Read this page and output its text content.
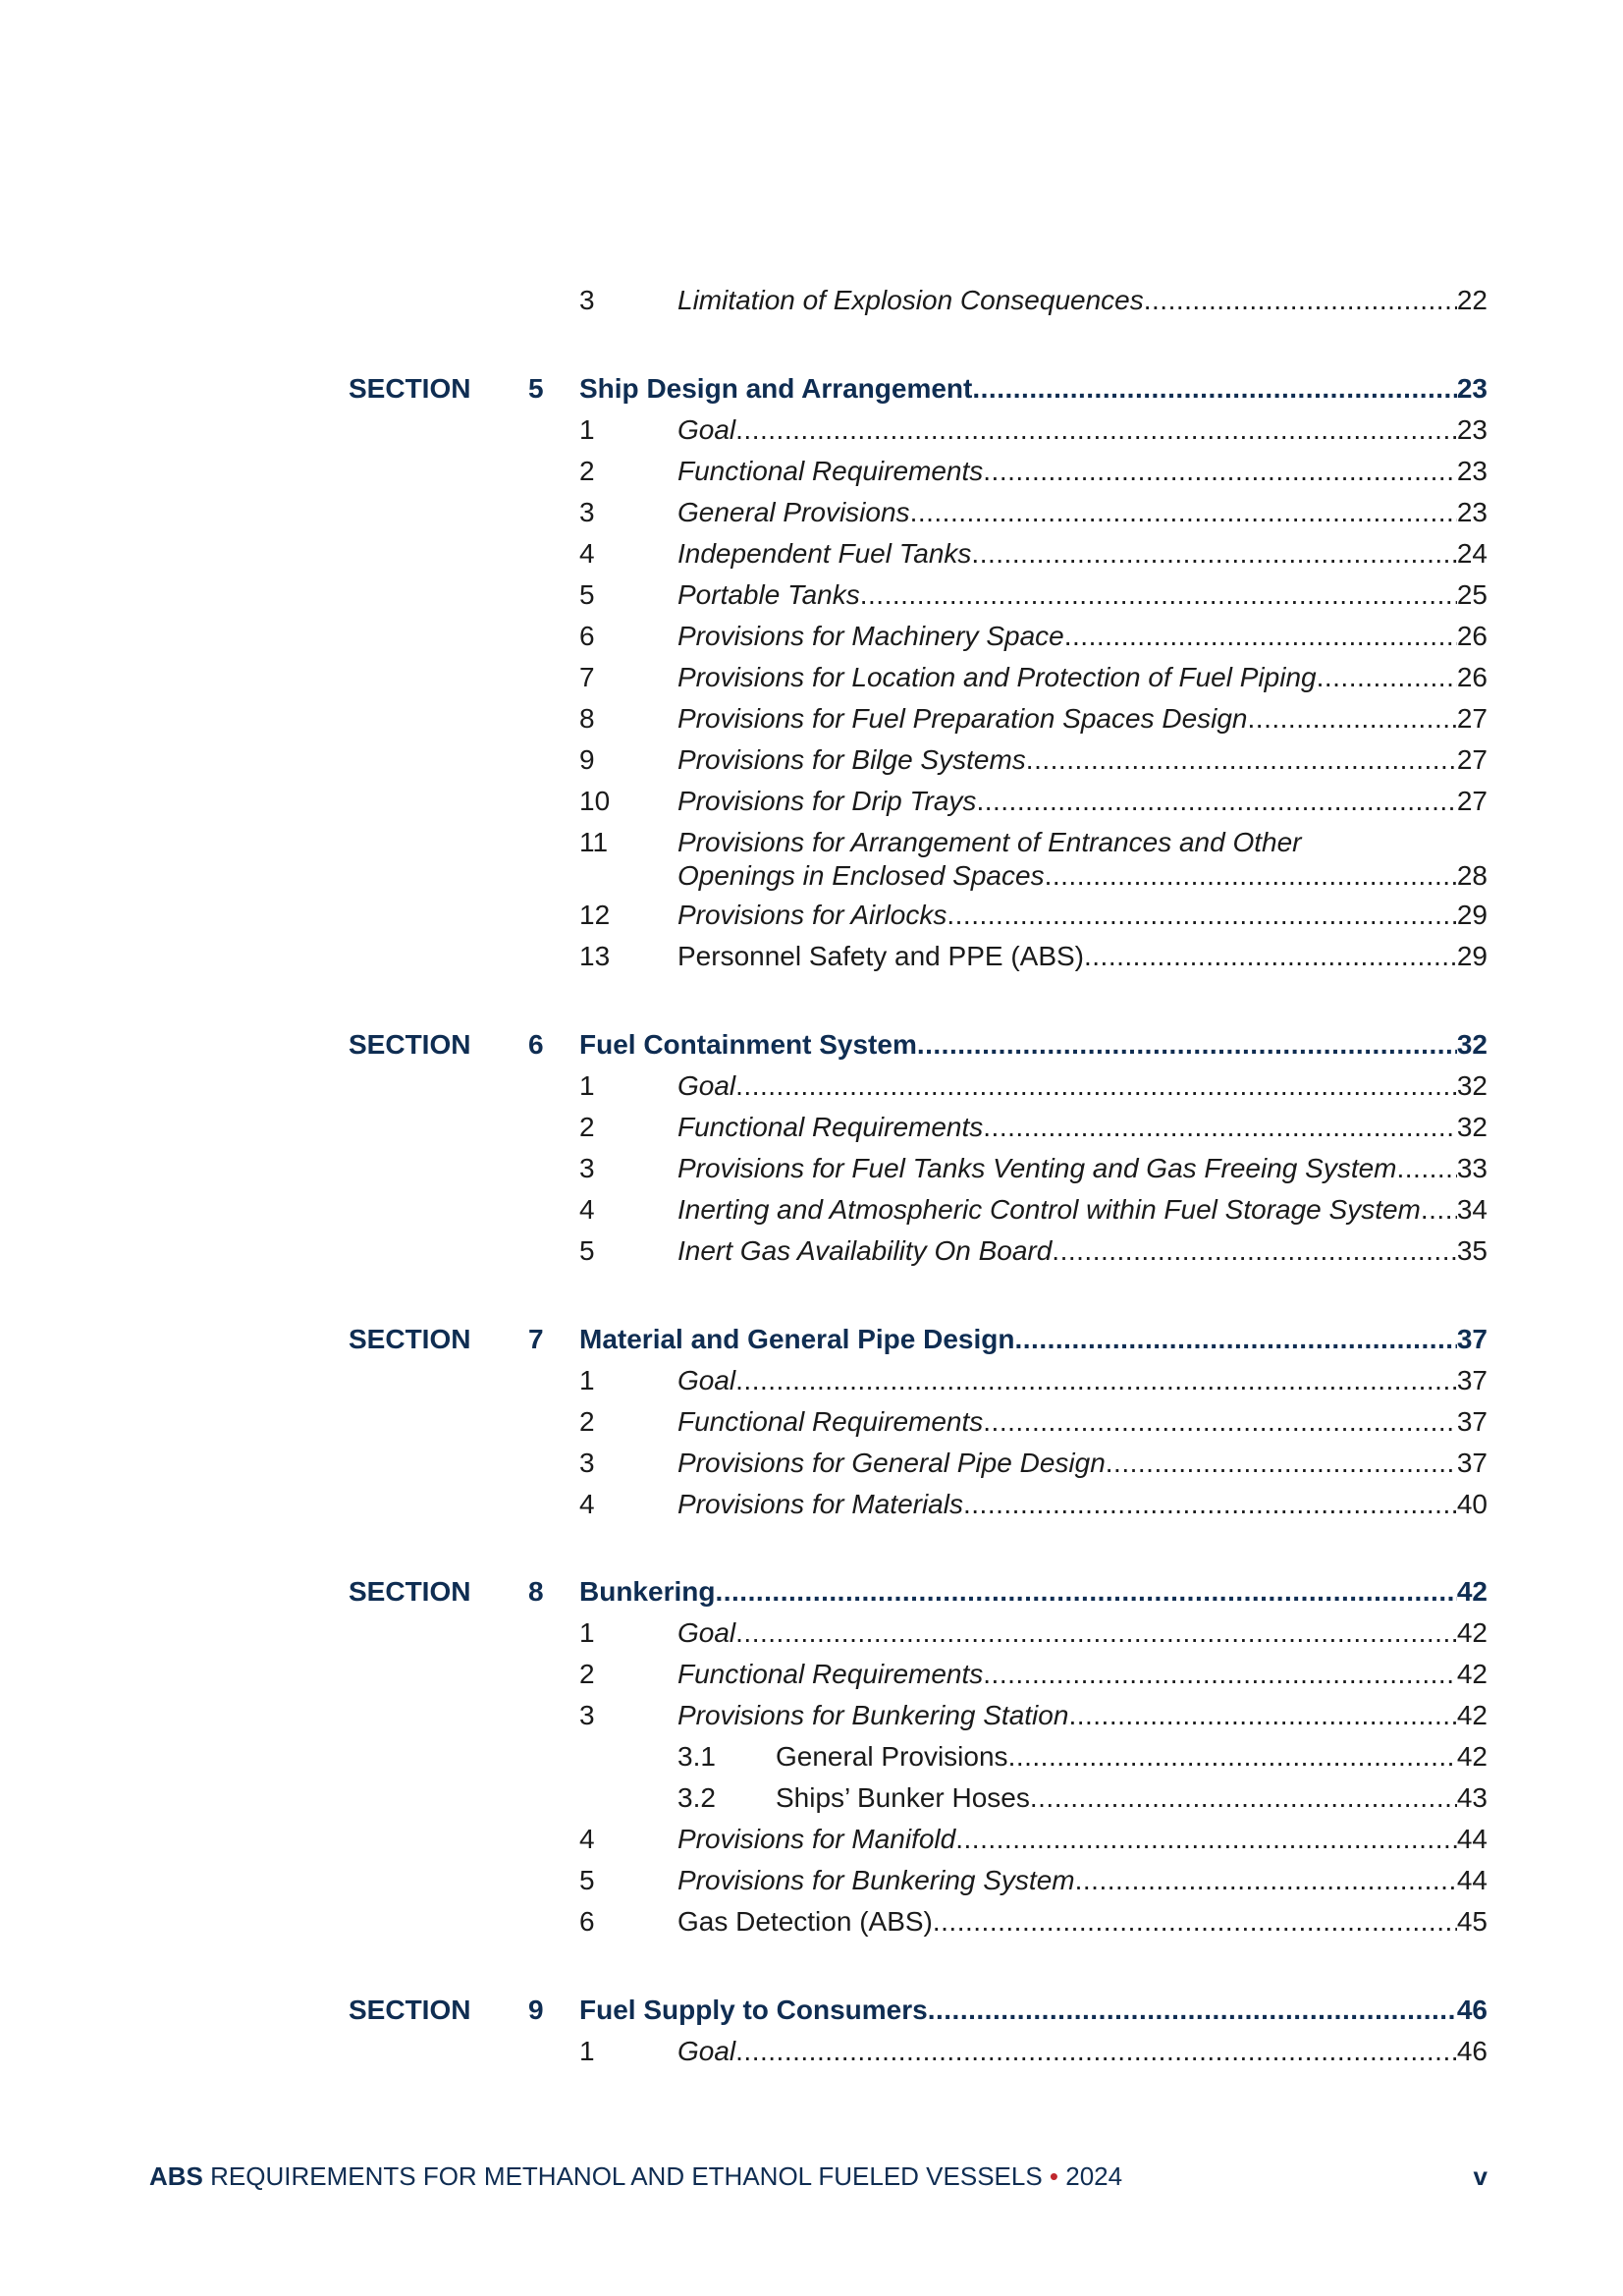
3	Limitation of Explosion Consequences .....	22
SECTION 5 Ship Design and Arrangement .....	23
1	Goal .....	23
2	Functional Requirements .....	23
3	General Provisions .....	23
4	Independent Fuel Tanks .....	24
5	Portable Tanks .....	25
6	Provisions for Machinery Space .....	26
7	Provisions for Location and Protection of Fuel Piping .....	26
8	Provisions for Fuel Preparation Spaces Design .....	27
9	Provisions for Bilge Systems .....	27
10 Provisions for Drip Trays .....	27
11	Provisions for Arrangement of Entrances and Other
Openings in Enclosed Spaces .....	28
12 Provisions for Airlocks .....	29
13 Personnel Safety and PPE (ABS) .....	29
SECTION 6 Fuel Containment System .....	32
1	Goal .....	32
2	Functional Requirements .....	32
3	Provisions for Fuel Tanks Venting and Gas Freeing System ..... 33
4	Inerting and Atmospheric Control within Fuel Storage System ..... 34
5	Inert Gas Availability On Board .....	35
SECTION 7 Material and General Pipe Design .....	37
1	Goal .....	37
2	Functional Requirements .....	37
3	Provisions for General Pipe Design .....	37
4	Provisions for Materials .....	40
SECTION 8 Bunkering .....	42
1	Goal .....	42
2	Functional Requirements .....	42
3	Provisions for Bunkering Station .....	42
3.1 General Provisions .....	42
3.2 Ships’ Bunker Hoses .....	43
4	Provisions for Manifold .....	44
5	Provisions for Bunkering System .....	44
6	Gas Detection (ABS) .....	45
SECTION 9 Fuel Supply to Consumers .....	46
1	Goal .....	46
ABS REQUIREMENTS FOR METHANOL AND ETHANOL FUELED VESSELS • 2024	v
